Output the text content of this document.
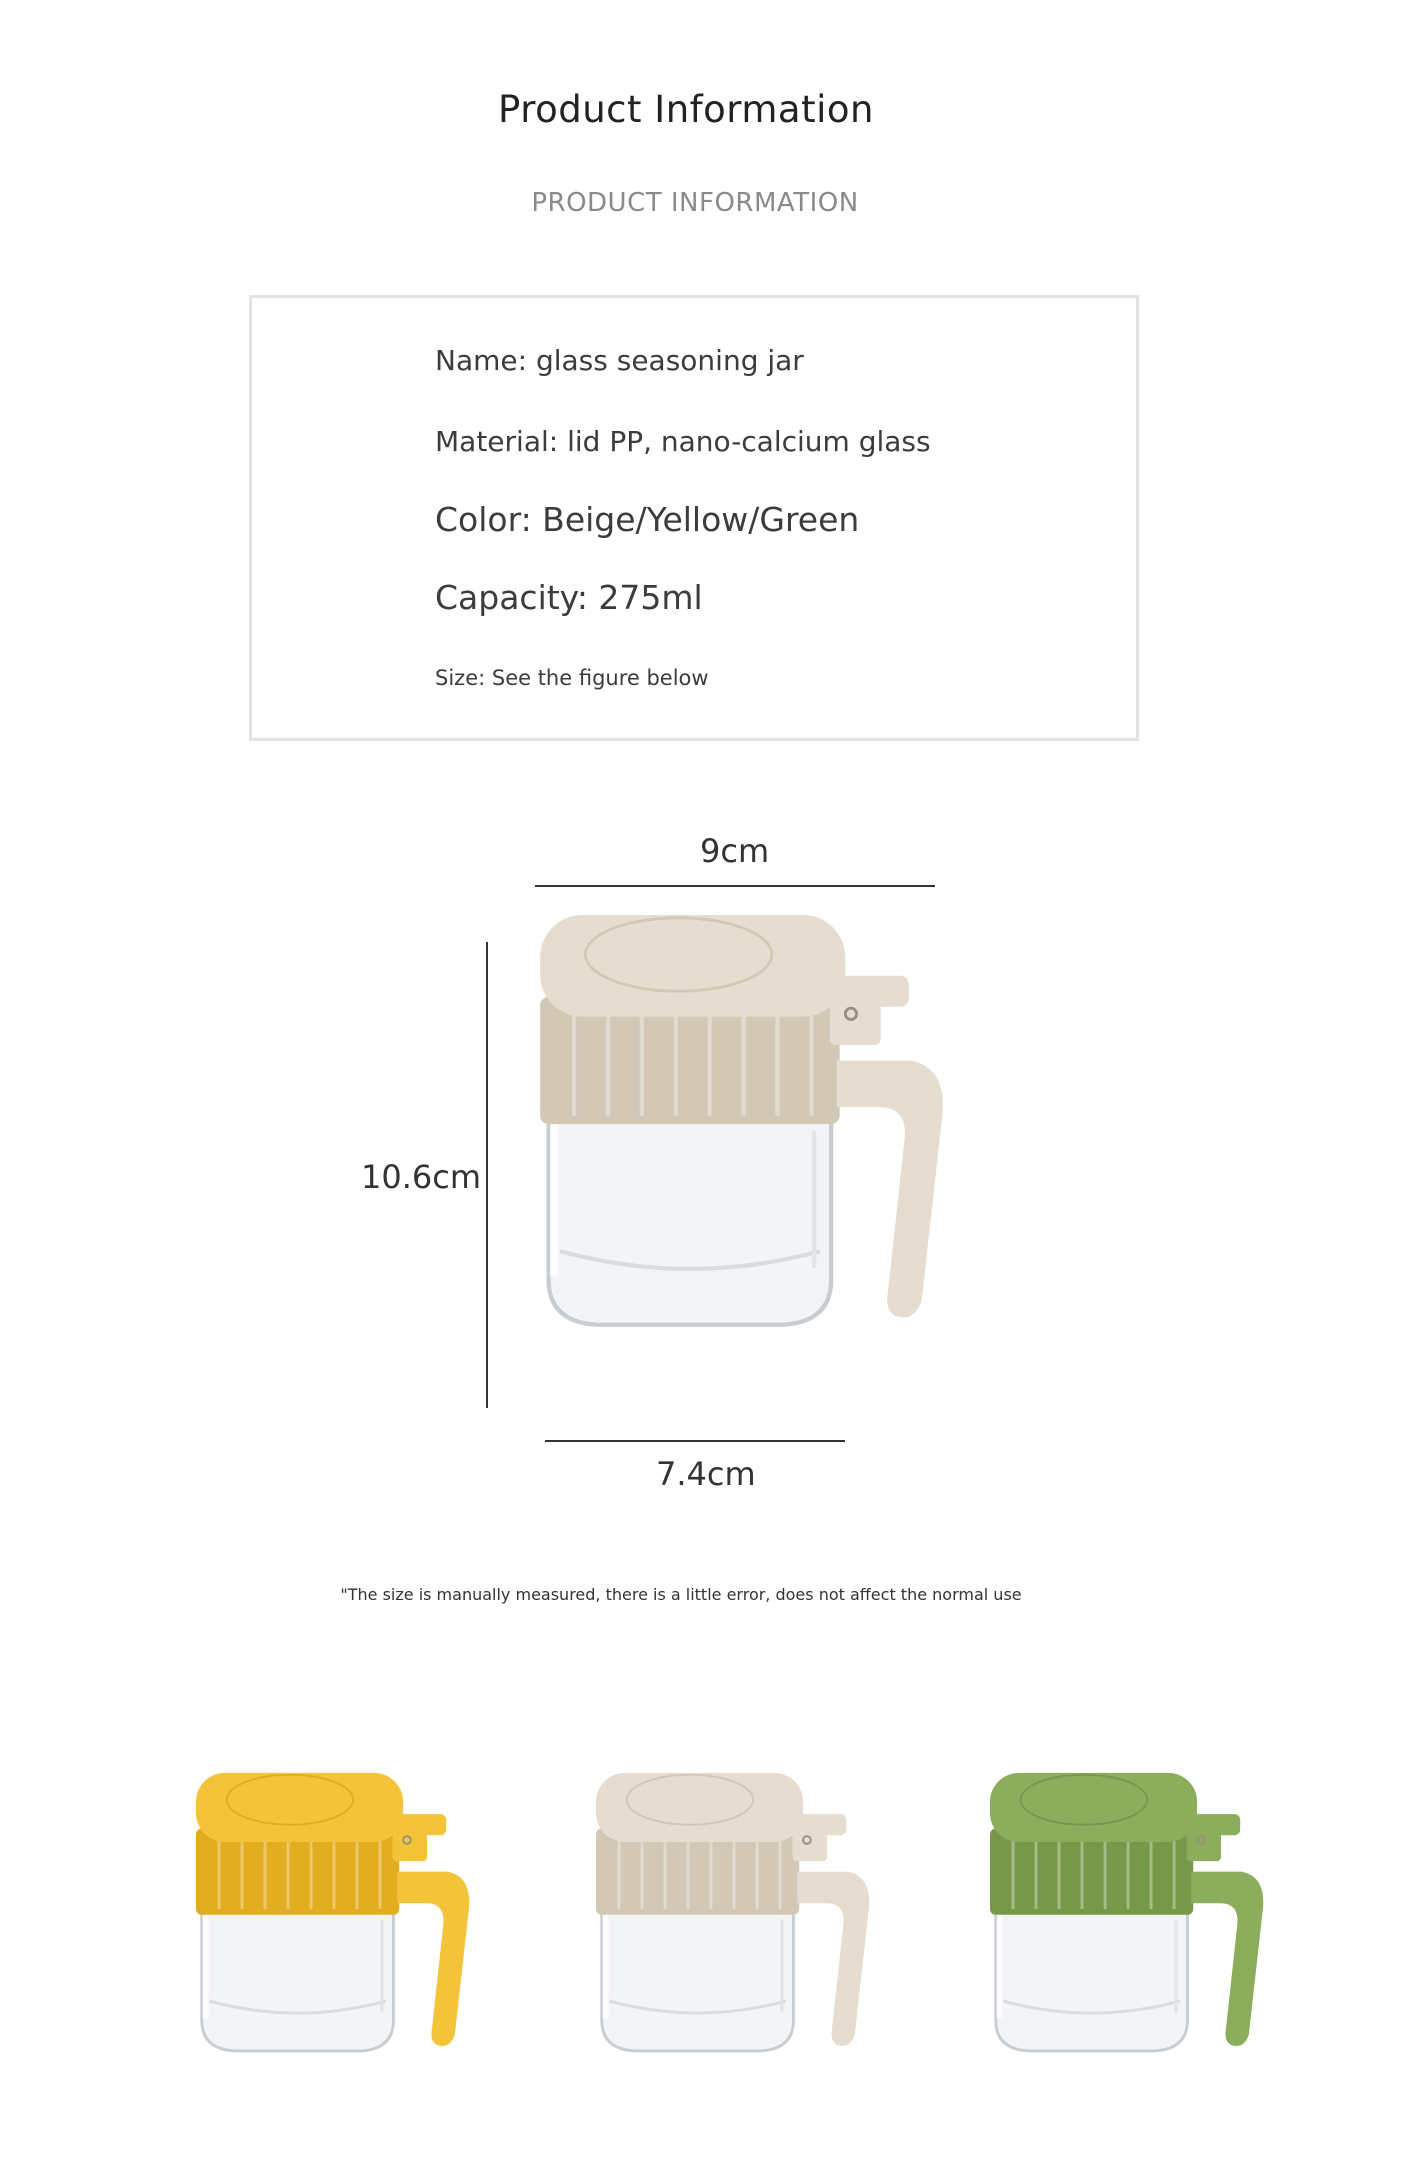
Product Information
PRODUCT INFORMATION
Name: glass seasoning jar
Material: lid PP, nano-calcium glass
Color: Beige/Yellow/Green
Capacity: 275ml
Size: See the figure below
9cm
10.6cm
7.4cm
"The size is manually measured, there is a little error, does not affect the normal use
